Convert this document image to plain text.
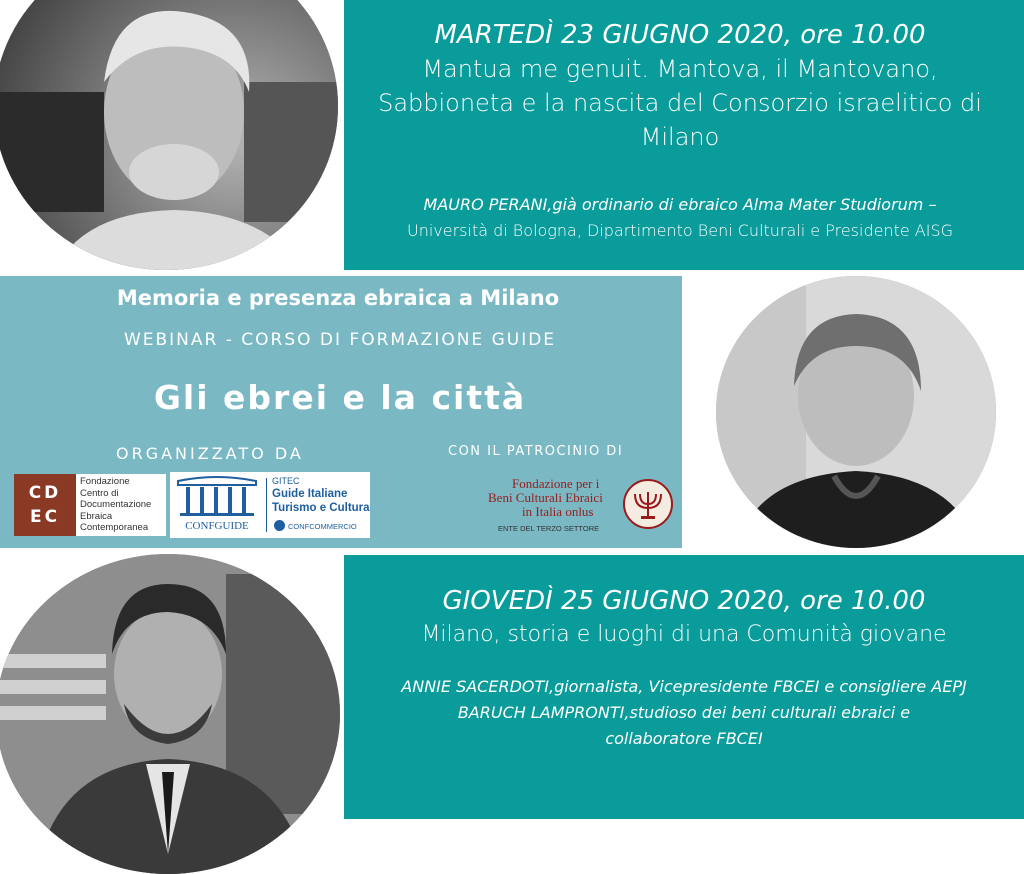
MARTEDÌ 23 GIUGNO 2020, ore 10.00
Mantua me genuit. Mantova, il Mantovano,
Sabbioneta e la nascita del Consorzio israelitico di
Milano
MAURO PERANI,già ordinario di ebraico Alma Mater Studiorum –
Università di Bologna, Dipartimento Beni Culturali e Presidente AISG
Memoria e presenza ebraica a Milano
WEBINAR - CORSO DI FORMAZIONE GUIDE
Gli ebrei e la città
ORGANIZZATO DA	CON IL PATROCINIO DI
CD
EC
Fondazione
Centro di
Documentazione
Ebraica
Contemporanea	CONFGUIDE
GITEC
Guide Italiane
Turismo e Cultura
CONFCOMMERCIO
Fondazione per i
Beni Culturali Ebraici
in Italia onlus
ENTE DEL TERZO SETTORE
GIOVEDÌ 25 GIUGNO 2020, ore 10.00
Milano, storia e luoghi di una Comunità giovane
ANNIE SACERDOTI,giornalista, Vicepresidente FBCEI e consigliere AEPJ
BARUCH LAMPRONTI,studioso dei beni culturali ebraici e
collaboratore FBCEI
